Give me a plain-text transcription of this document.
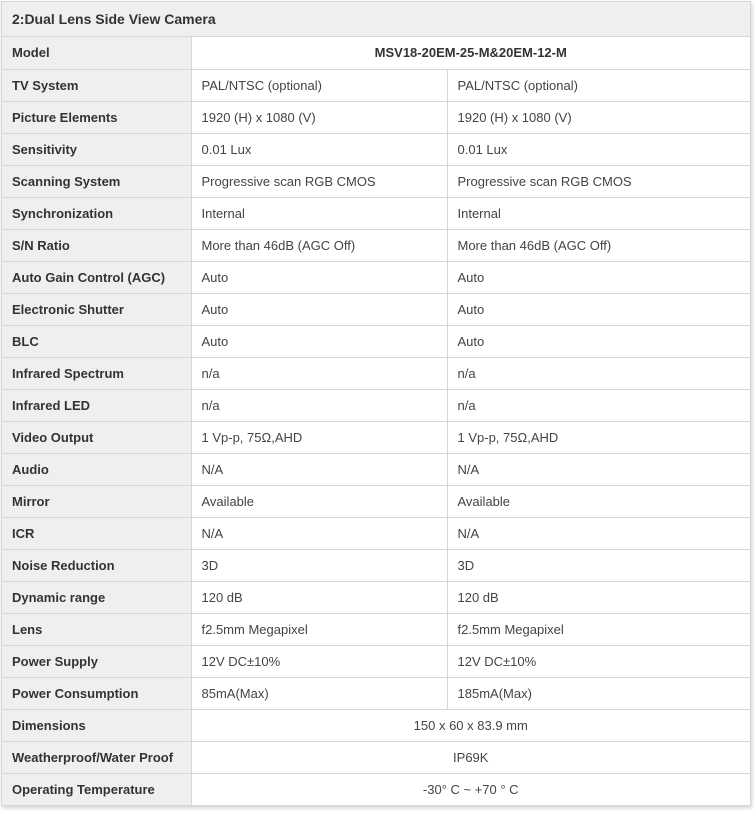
2:Dual Lens Side View Camera
Model	MSV18-20EM-25-M&20EM-12-M	
TV System	PAL/NTSC (optional)	PAL/NTSC (optional)
Picture Elements	1920 (H) x 1080 (V)	1920 (H) x 1080 (V)
Sensitivity	0.01 Lux	0.01 Lux
Scanning System	Progressive scan RGB CMOS	Progressive scan RGB CMOS
Synchronization	Internal	Internal
S/N Ratio	More than 46dB (AGC Off)	More than 46dB (AGC Off)
Auto Gain Control (AGC)	Auto	Auto
Electronic Shutter	Auto	Auto
BLC	Auto	Auto
Infrared Spectrum	n/a	n/a
Infrared LED	n/a	n/a
Video Output	1 Vp-p, 75Ω,AHD	1 Vp-p, 75Ω,AHD
Audio	N/A	N/A
Mirror	Available	Available
ICR	N/A	N/A
Noise Reduction	3D	3D
Dynamic range	120 dB	120 dB
Lens	f2.5mm Megapixel	f2.5mm Megapixel
Power Supply	12V DC±10%	12V DC±10%
Power Consumption	85mA(Max)	185mA(Max)
Dimensions	150 x 60 x 83.9 mm	
Weatherproof/Water Proof	IP69K	
Operating Temperature	-30° C ~ +70 ° C	
